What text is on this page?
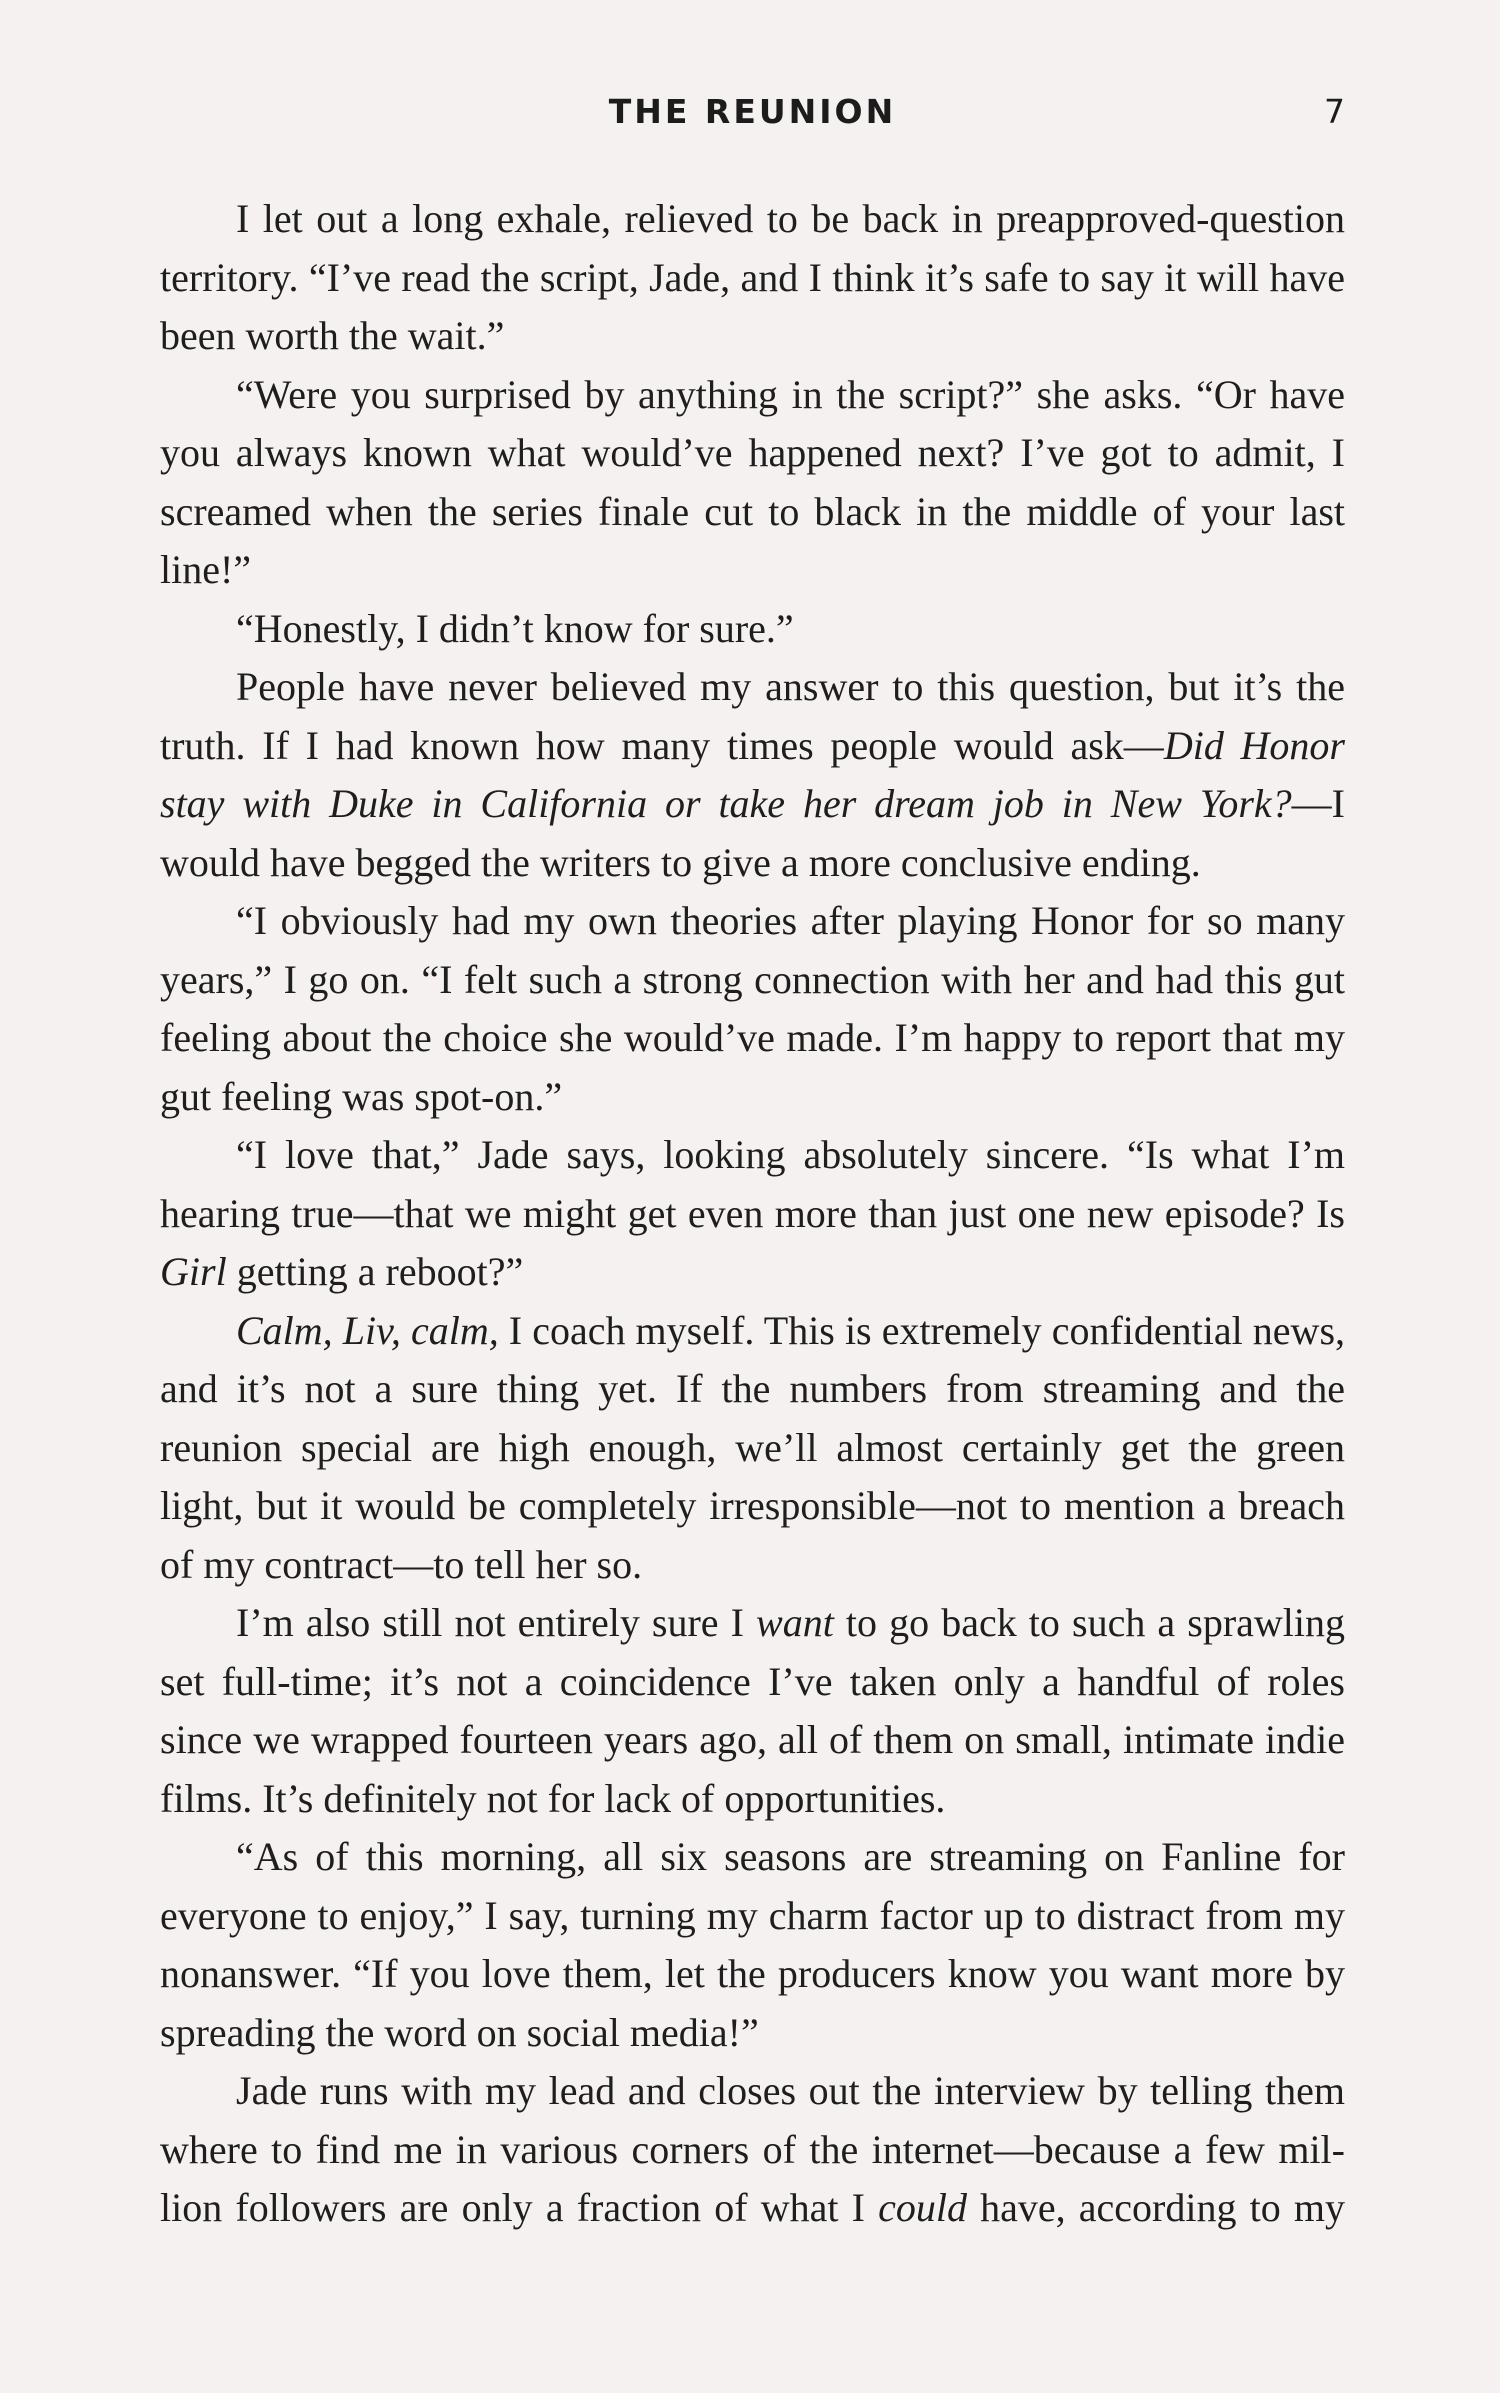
THE REUNION	7

I let out a long exhale, relieved to be back in preapproved-question territory. “I’ve read the script, Jade, and I think it’s safe to say it will have been worth the wait.”

“Were you surprised by anything in the script?” she asks. “Or have you always known what would’ve happened next? I’ve got to admit, I screamed when the series finale cut to black in the middle of your last line!”

“Honestly, I didn’t know for sure.”

People have never believed my answer to this question, but it’s the truth. If I had known how many times people would ask—Did Honor stay with Duke in California or take her dream job in New York?—I would have begged the writers to give a more conclusive ending.

“I obviously had my own theories after playing Honor for so many years,” I go on. “I felt such a strong connection with her and had this gut feeling about the choice she would’ve made. I’m happy to report that my gut feeling was spot-on.”

“I love that,” Jade says, looking absolutely sincere. “Is what I’m hearing true—that we might get even more than just one new episode? Is Girl getting a reboot?”

Calm, Liv, calm, I coach myself. This is extremely confidential news, and it’s not a sure thing yet. If the numbers from streaming and the reunion special are high enough, we’ll almost certainly get the green light, but it would be completely irresponsible—not to mention a breach of my contract—to tell her so.

I’m also still not entirely sure I want to go back to such a sprawling set full-time; it’s not a coincidence I’ve taken only a handful of roles since we wrapped fourteen years ago, all of them on small, intimate indie films. It’s definitely not for lack of opportunities.

“As of this morning, all six seasons are streaming on Fanline for everyone to enjoy,” I say, turning my charm factor up to distract from my nonanswer. “If you love them, let the producers know you want more by spreading the word on social media!”

Jade runs with my lead and closes out the interview by telling them where to find me in various corners of the internet—because a few million followers are only a fraction of what I could have, according to my
